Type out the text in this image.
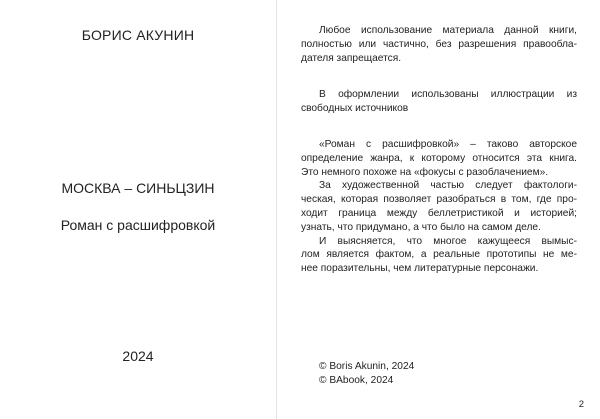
БОРИС АКУНИН
МОСКВА – СИНЬЦЗИН
Роман с расшифровкой
2024
Любое использование материала данной книги,
полностью или частично, без разрешения правообла-
дателя запрещается.
В оформлении использованы иллюстрации из
свободных источников
«Роман с расшифровкой» – таково авторское
определение жанра, к которому относится эта книга.
Это немного похоже на «фокусы с разоблачением».
За художественной частью следует фактологи-
ческая, которая позволяет разобраться в том, где про-
ходит граница между беллетристикой и историей;
узнать, что придумано, а что было на самом деле.
И выясняется, что многое кажущееся вымыс-
лом является фактом, а реальные прототипы не ме-
нее поразительны, чем литературные персонажи.
© Boris Akunin, 2024
© BAbook, 2024
2
